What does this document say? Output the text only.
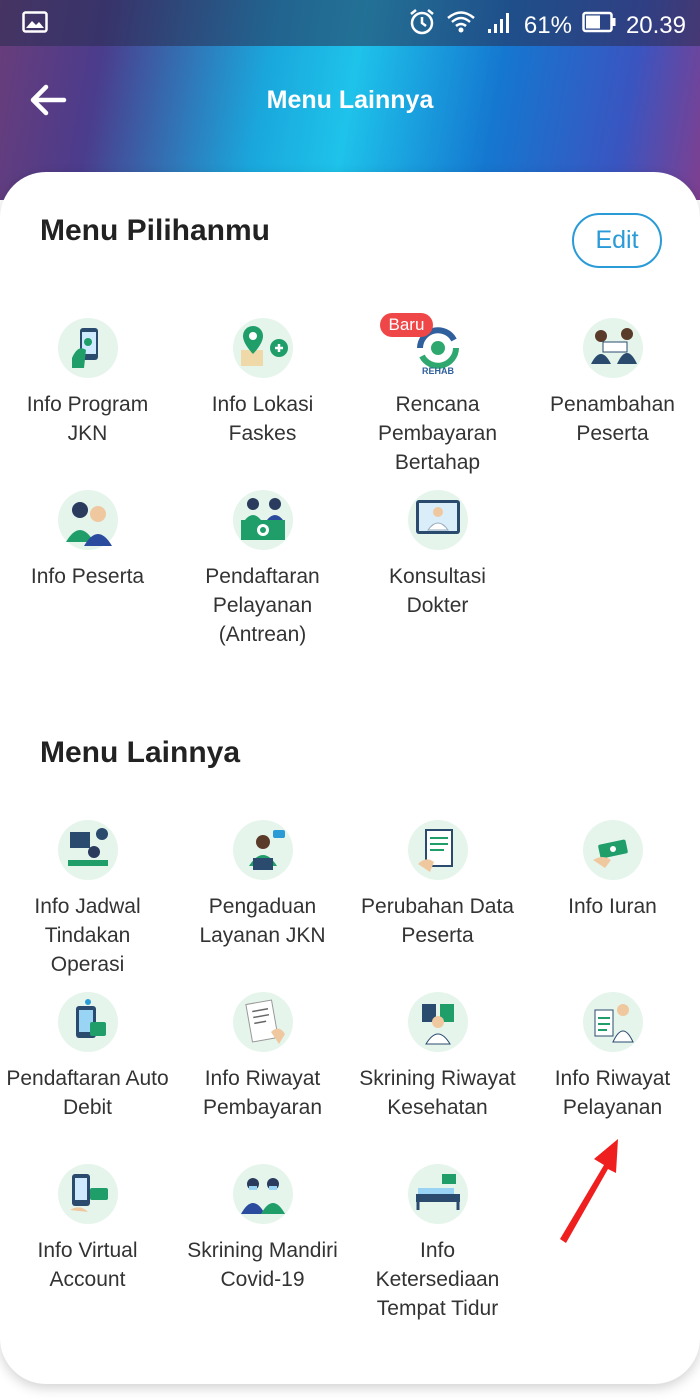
61% 20.39
Menu Lainnya
Menu Pilihanmu	Edit
Info Program JKN
Info Lokasi Faskes
Baru
REHAB
Rencana Pembayaran Bertahap
Penambahan Peserta
Info Peserta	Pendaftaran Pelayanan (Antrean)
Konsultasi Dokter
Menu Lainnya
Info Jadwal Tindakan Operasi
Pengaduan Layanan JKN
Perubahan Data Peserta
Info Iuran
Pendaftaran Auto Debit
Info Riwayat Pembayaran
Skrining Riwayat Kesehatan
Info Riwayat Pelayanan
Info Virtual Account
Skrining Mandiri Covid-19
Info Ketersediaan Tempat Tidur
